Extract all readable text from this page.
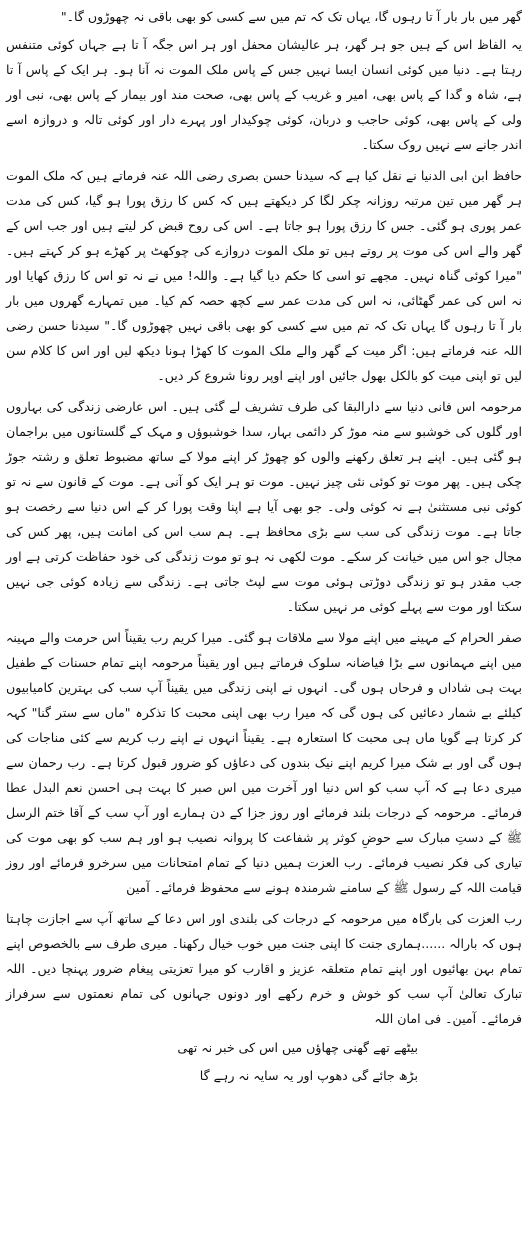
گھر میں بار بار آ تا رہوں گا، یہاں تک کہ تم میں سے کسی کو بھی باقی نہ چھوڑوں گا۔"

یہ الفاظ اس کے ہیں جو ہر گھر، ہر عالیشان محفل اور ہر اس جگہ آ تا ہے جہاں کوئی متنفس رہتا ہے۔ دنیا میں کوئی انسان ایسا نہیں جس کے پاس ملک الموت نہ آنا ہو۔ ہر ایک کے پاس آ تا ہے، شاہ و گدا کے پاس بھی، امیر و غریب کے پاس بھی، صحت مند اور بیمار کے پاس بھی، نبی اور ولی کے پاس بھی، کوئی حاجب و دربان، کوئی چوکیدار اور پہرے دار اور کوئی تالہ و دروازہ اسے اندر جانے سے نہیں روک سکتا۔

حافظ ابن ابی الدنیا نے نقل کیا ہے کہ سیدنا حسن بصری رضی اللہ عنہ فرماتے ہیں کہ ملک الموت ہر گھر میں تین مرتبہ روزانہ چکر لگا کر دیکھتے ہیں کہ کس کا رزق پورا ہو گیا، کس کی مدت عمر پوری ہو گئی۔ جس کا رزق پورا ہو جاتا ہے۔ اس کی روح قبض کر لیتے ہیں اور جب اس کے گھر والے اس کی موت پر روتے ہیں تو ملک الموت دروازے کی چوکھٹ پر کھڑے ہو کر کہتے ہیں۔ "میرا کوئی گناہ نہیں۔ مجھے تو اسی کا حکم دیا گیا ہے۔ واللہ! میں نے نہ تو اس کا رزق کھایا اور نہ اس کی عمر گھٹائی، نہ اس کی مدت عمر سے کچھ حصہ کم کیا۔ میں تمہارے گھروں میں بار بار آ تا رہوں گا یہاں تک کہ تم میں سے کسی کو بھی باقی نہیں چھوڑوں گا۔" سیدنا حسن رضی اللہ عنہ فرماتے ہیں: اگر میت کے گھر والے ملک الموت کا کھڑا ہونا دیکھ لیں اور اس کا کلام سن لیں تو اپنی میت کو بالکل بھول جائیں اور اپنے اوپر رونا شروع کر دیں۔

مرحومہ اس فانی دنیا سے دارالبقا کی طرف تشریف لے گئی ہیں۔ اس عارضی زندگی کی بہاروں اور گلوں کی خوشبو سے منہ موڑ کر دائمی بہار، سدا خوشبوؤں و مہک کے گلستانوں میں براجمان ہو گئی ہیں۔ اپنے ہر تعلق رکھنے والوں کو چھوڑ کر اپنے مولا کے ساتھ مضبوط تعلق و رشتہ جوڑ چکی ہیں۔ پھر موت تو کوئی نئی چیز نہیں۔ موت تو ہر ایک کو آنی ہے۔ موت کے قانون سے نہ تو کوئی نبی مستثنیٰ ہے نہ کوئی ولی۔ جو بھی آیا ہے اپنا وقت پورا کر کے اس دنیا سے رخصت ہو جاتا ہے۔ موت زندگی کی سب سے بڑی محافظ ہے۔ ہم سب اس کی امانت ہیں، پھر کس کی مجال جو اس میں خیانت کر سکے۔ موت لکھی نہ ہو تو موت زندگی کی خود حفاظت کرتی ہے اور جب مقدر ہو تو زندگی دوڑتی ہوئی موت سے لپٹ جاتی ہے۔ زندگی سے زیادہ کوئی جی نہیں سکتا اور موت سے پہلے کوئی مر نہیں سکتا۔

صفر الحرام کے مہینے میں اپنے مولا سے ملاقات ہو گئی۔ میرا کریم رب یقیناً اس حرمت والے مہینہ میں اپنے مہمانوں سے بڑا فیاضانہ سلوک فرماتے ہیں اور یقیناً مرحومہ اپنے تمام حسنات کے طفیل بہت ہی شاداں و فرحاں ہوں گی۔ انہوں نے اپنی زندگی میں یقیناً آپ سب کی بہترین کامیابیوں کیلئے بے شمار دعائیں کی ہوں گی کہ میرا رب بھی اپنی محبت کا تذکرہ "ماں سے ستر گنا" کہہ کر کرتا ہے گویا ماں ہی محبت کا استعارہ ہے۔ یقیناً انہوں نے اپنے رب کریم سے کئی مناجات کی ہوں گی اور بے شک میرا کریم اپنے نیک بندوں کی دعاؤں کو ضرور قبول کرتا ہے۔ رب رحمان سے میری دعا ہے کہ آپ سب کو اس دنیا اور آخرت میں اس صبر کا بہت ہی احسن نعم البدل عطا فرمائے۔ مرحومہ کے درجات بلند فرمائے اور روز جزا کے دن ہمارے اور آپ سب کے آقا ختم الرسل ﷺ کے دستِ مبارک سے حوضِ کوثر پر شفاعت کا پروانہ نصیب ہو اور ہم سب کو بھی موت کی تیاری کی فکر نصیب فرمائے۔ رب العزت ہمیں دنیا کے تمام امتحانات میں سرخرو فرمائے اور روز قیامت اللہ کے رسول ﷺ کے سامنے شرمندہ ہونے سے محفوظ فرمائے۔ آمین

رب العزت کی بارگاہ میں مرحومہ کے درجات کی بلندی اور اس دعا کے ساتھ آپ سے اجازت چاہتا ہوں کہ بارالہ ......ہماری جنت کا اپنی جنت میں خوب خیال رکھنا۔ میری طرف سے بالخصوص اپنے تمام بہن بھائیوں اور اپنے تمام متعلقہ عزیز و اقارب کو میرا تعزیتی پیغام ضرور پہنچا دیں۔ اللہ تبارک تعالیٰ آپ سب کو خوش و خرم رکھے اور دونوں جہانوں کی تمام نعمتوں سے سرفراز فرمائے۔ آمین۔ فی امان اللہ

بیٹھے تھے گھنی چھاؤں میں اس کی خبر نہ تھی

بڑھ جائے گی دھوپ اور یہ سایہ نہ رہے گا
